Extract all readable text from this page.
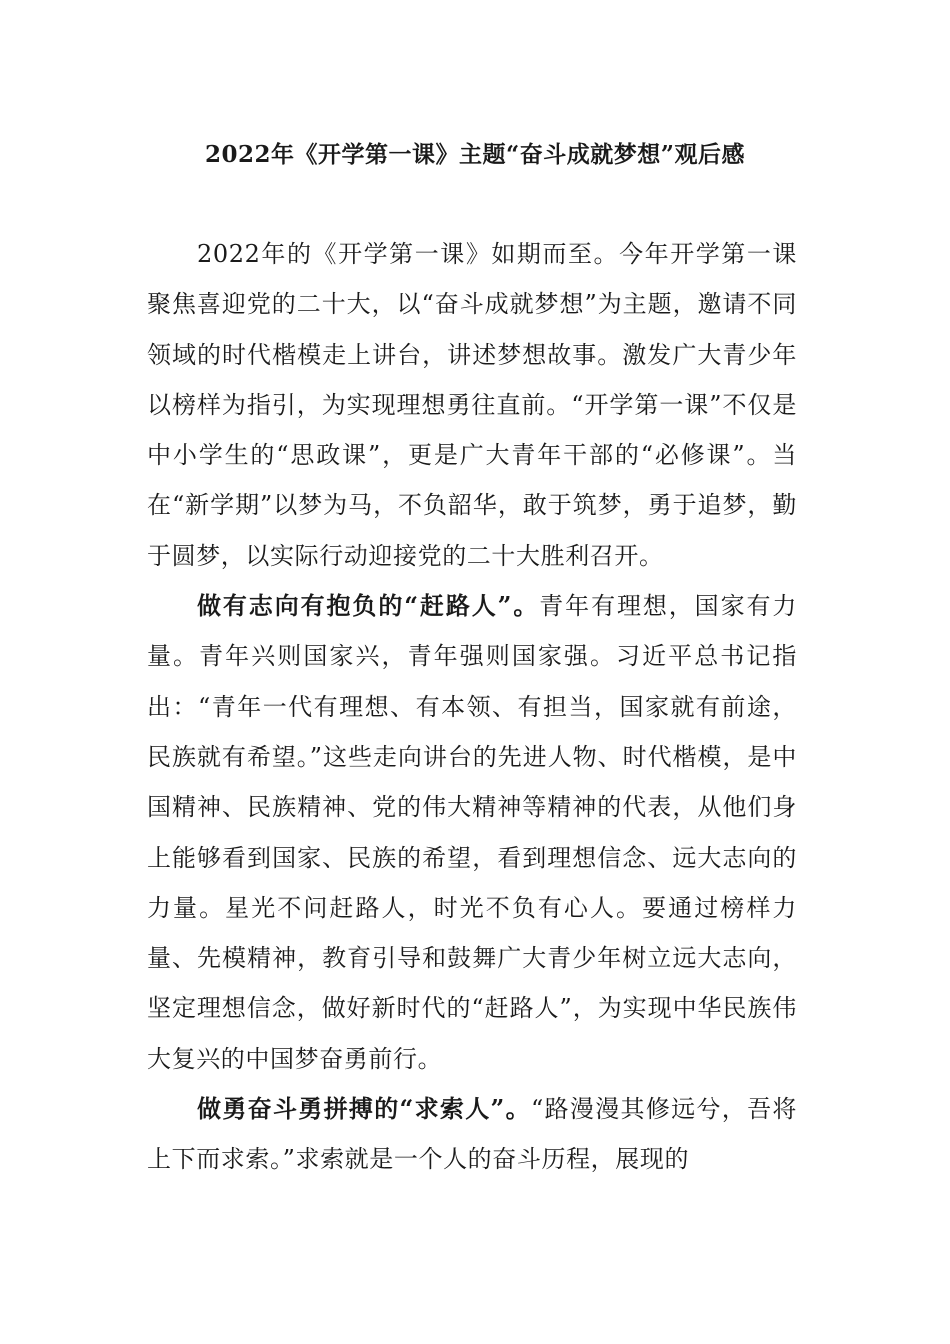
2022年《开学第一课》主题“奋斗成就梦想”观后感

2022年的《开学第一课》如期而至。今年开学第一课聚焦喜迎党的二十大，以“奋斗成就梦想”为主题，邀请不同领域的时代楷模走上讲台，讲述梦想故事。激发广大青少年以榜样为指引，为实现理想勇往直前。“开学第一课”不仅是中小学生的“思政课”，更是广大青年干部的“必修课”。当在“新学期”以梦为马，不负韶华，敢于筑梦，勇于追梦，勤于圆梦，以实际行动迎接党的二十大胜利召开。

做有志向有抱负的“赶路人”。青年有理想，国家有力量。青年兴则国家兴，青年强则国家强。习近平总书记指出：“青年一代有理想、有本领、有担当，国家就有前途，民族就有希望。”这些走向讲台的先进人物、时代楷模，是中国精神、民族精神、党的伟大精神等精神的代表，从他们身上能够看到国家、民族的希望，看到理想信念、远大志向的力量。星光不问赶路人，时光不负有心人。要通过榜样力量、先模精神，教育引导和鼓舞广大青少年树立远大志向，坚定理想信念，做好新时代的“赶路人”，为实现中华民族伟大复兴的中国梦奋勇前行。

做勇奋斗勇拼搏的“求索人”。“路漫漫其修远兮，吾将上下而求索。”求索就是一个人的奋斗历程，展现的
